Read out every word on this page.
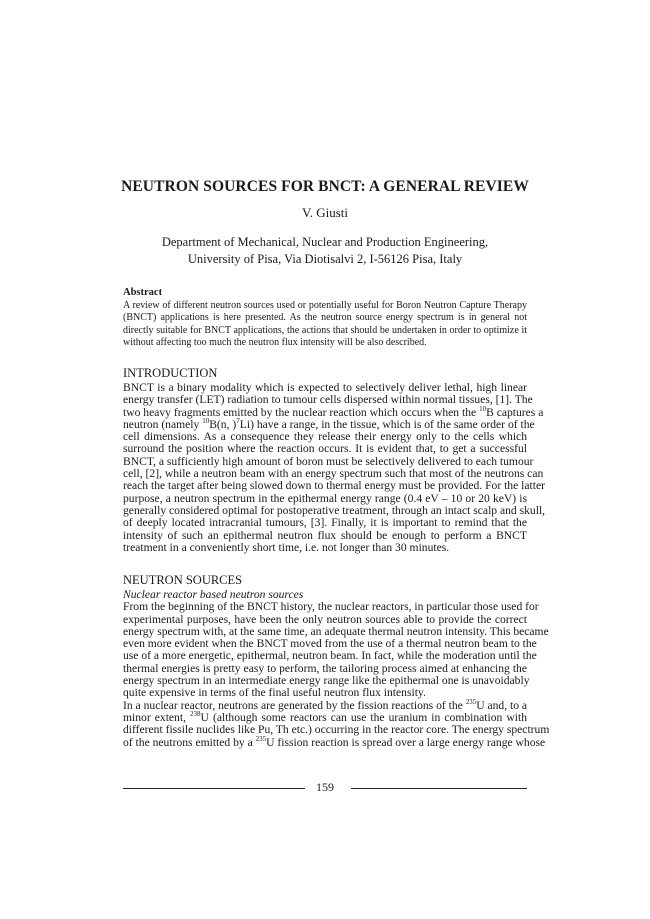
NEUTRON SOURCES FOR BNCT: A GENERAL REVIEW
V. Giusti
Department of Mechanical, Nuclear and Production Engineering,
University of Pisa, Via Diotisalvi 2, I-56126 Pisa, Italy
Abstract
A review of different neutron sources used or potentially useful for Boron Neutron Capture Therapy
(BNCT) applications is here presented. As the neutron source energy spectrum is in general not
directly suitable for BNCT applications, the actions that should be undertaken in order to optimize it
without affecting too much the neutron flux intensity will be also described.
INTRODUCTION
BNCT is a binary modality which is expected to selectively deliver lethal, high linear
energy transfer (LET) radiation to tumour cells dispersed within normal tissues, [1]. The
two heavy fragments emitted by the nuclear reaction which occurs when the $^{10}$B captures a
neutron (namely $^{10}$B(n, )$^7$Li) have a range, in the tissue, which is of the same order of the
cell dimensions. As a consequence they release their energy only to the cells which
surround the position where the reaction occurs. It is evident that, to get a successful
BNCT, a sufficiently high amount of boron must be selectively delivered to each tumour
cell, [2], while a neutron beam with an energy spectrum such that most of the neutrons can
reach the target after being slowed down to thermal energy must be provided. For the latter
purpose, a neutron spectrum in the epithermal energy range (0.4 eV – 10 or 20 keV) is
generally considered optimal for postoperative treatment, through an intact scalp and skull,
of deeply located intracranial tumours, [3]. Finally, it is important to remind that the
intensity of such an epithermal neutron flux should be enough to perform a BNCT
treatment in a conveniently short time, i.e. not longer than 30 minutes.
NEUTRON SOURCES
Nuclear reactor based neutron sources
From the beginning of the BNCT history, the nuclear reactors, in particular those used for
experimental purposes, have been the only neutron sources able to provide the correct
energy spectrum with, at the same time, an adequate thermal neutron intensity. This became
even more evident when the BNCT moved from the use of a thermal neutron beam to the
use of a more energetic, epithermal, neutron beam. In fact, while the moderation until the
thermal energies is pretty easy to perform, the tailoring process aimed at enhancing the
energy spectrum in an intermediate energy range like the epithermal one is unavoidably
quite expensive in terms of the final useful neutron flux intensity.
In a nuclear reactor, neutrons are generated by the fission reactions of the $^{235}$U and, to a
minor extent, $^{238}$U (although some reactors can use the uranium in combination with
different fissile nuclides like Pu, Th etc.) occurring in the reactor core. The energy spectrum
of the neutrons emitted by a $^{235}$U fission reaction is spread over a large energy range whose
159
